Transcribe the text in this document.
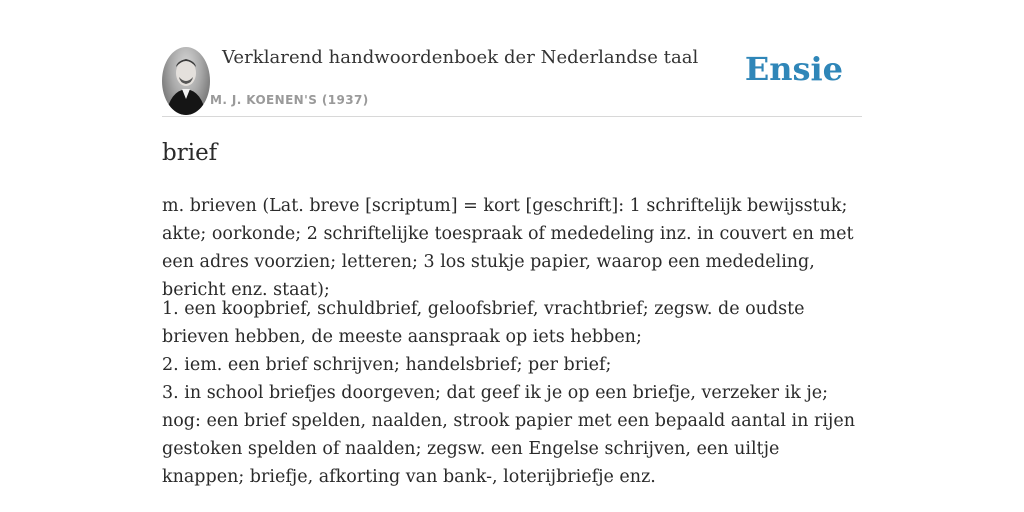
Verklarend handwoordenboek der Nederlandse taal
M. J. KOENEN'S (1937)
Ensie
brief

m. brieven (Lat. breve [scriptum] = kort [geschrift]: 1 schriftelijk bewijsstuk; akte; oorkonde; 2 schriftelijke toespraak of mededeling inz. in couvert en met een adres voorzien; letteren; 3 los stukje papier, waarop een mededeling, bericht enz. staat);

1. een koopbrief, schuldbrief, geloofsbrief, vrachtbrief; zegsw. de oudste brieven hebben, de meeste aanspraak op iets hebben;
2. iem. een brief schrijven; handelsbrief; per brief;
3. in school briefjes doorgeven; dat geef ik je op een briefje, verzeker ik je; nog: een brief spelden, naalden, strook papier met een bepaald aantal in rijen gestoken spelden of naalden; zegsw. een Engelse schrijven, een uiltje knappen; briefje, afkorting van bank-, loterijbriefje enz.
